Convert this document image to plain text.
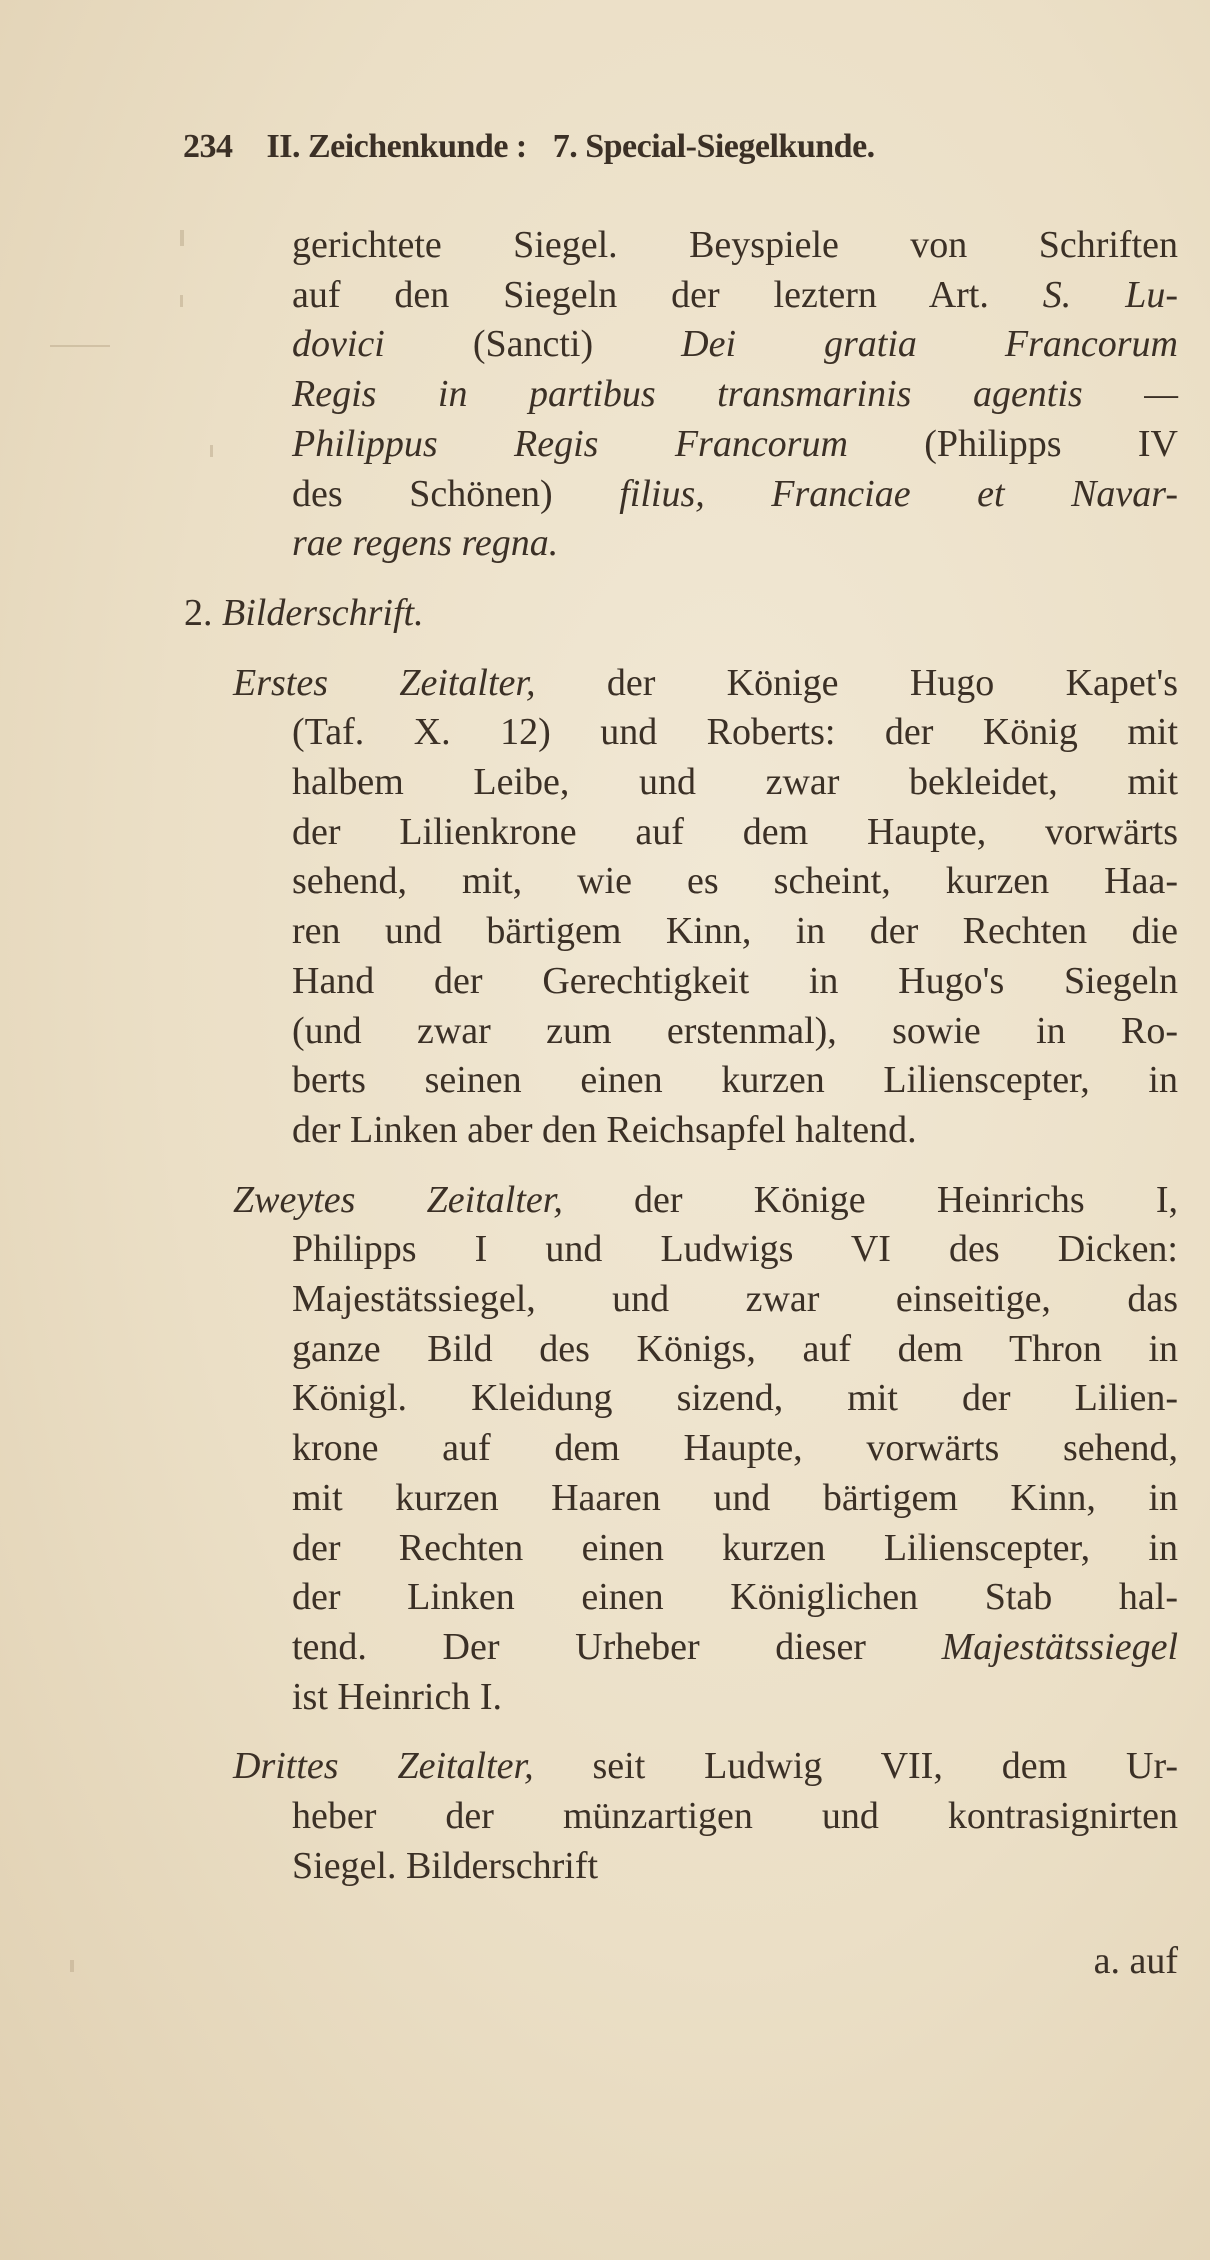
234 II. Zeichenkunde : 7. Special-Siegelkunde.
gerichtete Siegel. Beyspiele von Schriften
auf den Siegeln der leztern Art. S. Lu-
dovici (Sancti) Dei gratia Francorum
Regis in partibus transmarinis agentis —
Philippus Regis Francorum (Philipps IV
des Schönen) filius, Franciae et Navar-
rae regens regna.
2. Bilderschrift.
Erstes Zeitalter, der Könige Hugo Kapet's
(Taf. X. 12) und Roberts: der König mit
halbem Leibe, und zwar bekleidet, mit
der Lilienkrone auf dem Haupte, vorwärts
sehend, mit, wie es scheint, kurzen Haa-
ren und bärtigem Kinn, in der Rechten die
Hand der Gerechtigkeit in Hugo's Siegeln
(und zwar zum erstenmal), sowie in Ro-
berts seinen einen kurzen Lilienscepter, in
der Linken aber den Reichsapfel haltend.
Zweytes Zeitalter, der Könige Heinrichs I,
Philipps I und Ludwigs VI des Dicken:
Majestätssiegel, und zwar einseitige, das
ganze Bild des Königs, auf dem Thron in
Königl. Kleidung sizend, mit der Lilien-
krone auf dem Haupte, vorwärts sehend,
mit kurzen Haaren und bärtigem Kinn, in
der Rechten einen kurzen Lilienscepter, in
der Linken einen Königlichen Stab hal-
tend. Der Urheber dieser Majestätssiegel
ist Heinrich I.
Drittes Zeitalter, seit Ludwig VII, dem Ur-
heber der münzartigen und kontrasignirten
Siegel. Bilderschrift
a. auf
